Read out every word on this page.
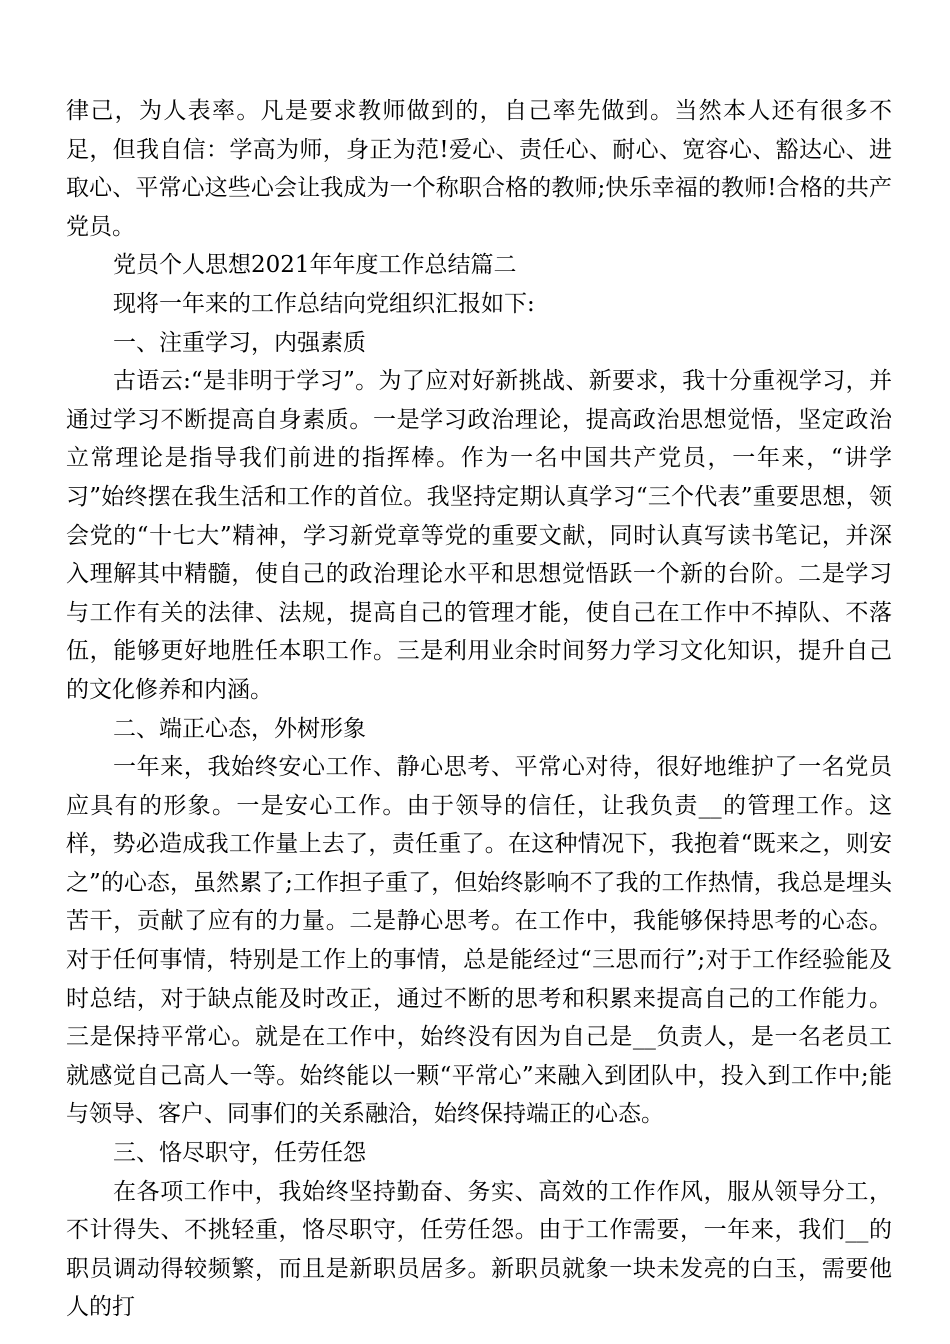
律己，为人表率。凡是要求教师做到的，自己率先做到。当然本人还有很多不足，但我自信：学高为师，身正为范!爱心、责任心、耐心、宽容心、豁达心、进取心、平常心这些心会让我成为一个称职合格的教师;快乐幸福的教师!合格的共产党员。

党员个人思想2021年年度工作总结篇二

现将一年来的工作总结向党组织汇报如下:

一、注重学习，内强素质

古语云:“是非明于学习”。为了应对好新挑战、新要求，我十分重视学习，并通过学习不断提高自身素质。一是学习政治理论，提高政治思想觉悟，坚定政治立常理论是指导我们前进的指挥棒。作为一名中国共产党员，一年来，“讲学习”始终摆在我生活和工作的首位。我坚持定期认真学习“三个代表”重要思想，领会党的“十七大”精神，学习新党章等党的重要文献，同时认真写读书笔记，并深入理解其中精髓，使自己的政治理论水平和思想觉悟跃一个新的台阶。二是学习与工作有关的法律、法规，提高自己的管理才能，使自己在工作中不掉队、不落伍，能够更好地胜任本职工作。三是利用业余时间努力学习文化知识，提升自己的文化修养和内涵。

二、端正心态，外树形象

一年来，我始终安心工作、静心思考、平常心对待，很好地维护了一名党员应具有的形象。一是安心工作。由于领导的信任，让我负责__的管理工作。这样，势必造成我工作量上去了，责任重了。在这种情况下，我抱着“既来之，则安之”的心态，虽然累了;工作担子重了，但始终影响不了我的工作热情，我总是埋头苦干，贡献了应有的力量。二是静心思考。在工作中，我能够保持思考的心态。对于任何事情，特别是工作上的事情，总是能经过“三思而行”;对于工作经验能及时总结，对于缺点能及时改正，通过不断的思考和积累来提高自己的工作能力。三是保持平常心。就是在工作中，始终没有因为自己是__负责人，是一名老员工就感觉自己高人一等。始终能以一颗“平常心”来融入到团队中，投入到工作中;能与领导、客户、同事们的关系融洽，始终保持端正的心态。

三、恪尽职守，任劳任怨

在各项工作中，我始终坚持勤奋、务实、高效的工作作风，服从领导分工，不计得失、不挑轻重，恪尽职守，任劳任怨。由于工作需要，一年来，我们__的职员调动得较频繁，而且是新职员居多。新职员就象一块未发亮的白玉，需要他人的打
